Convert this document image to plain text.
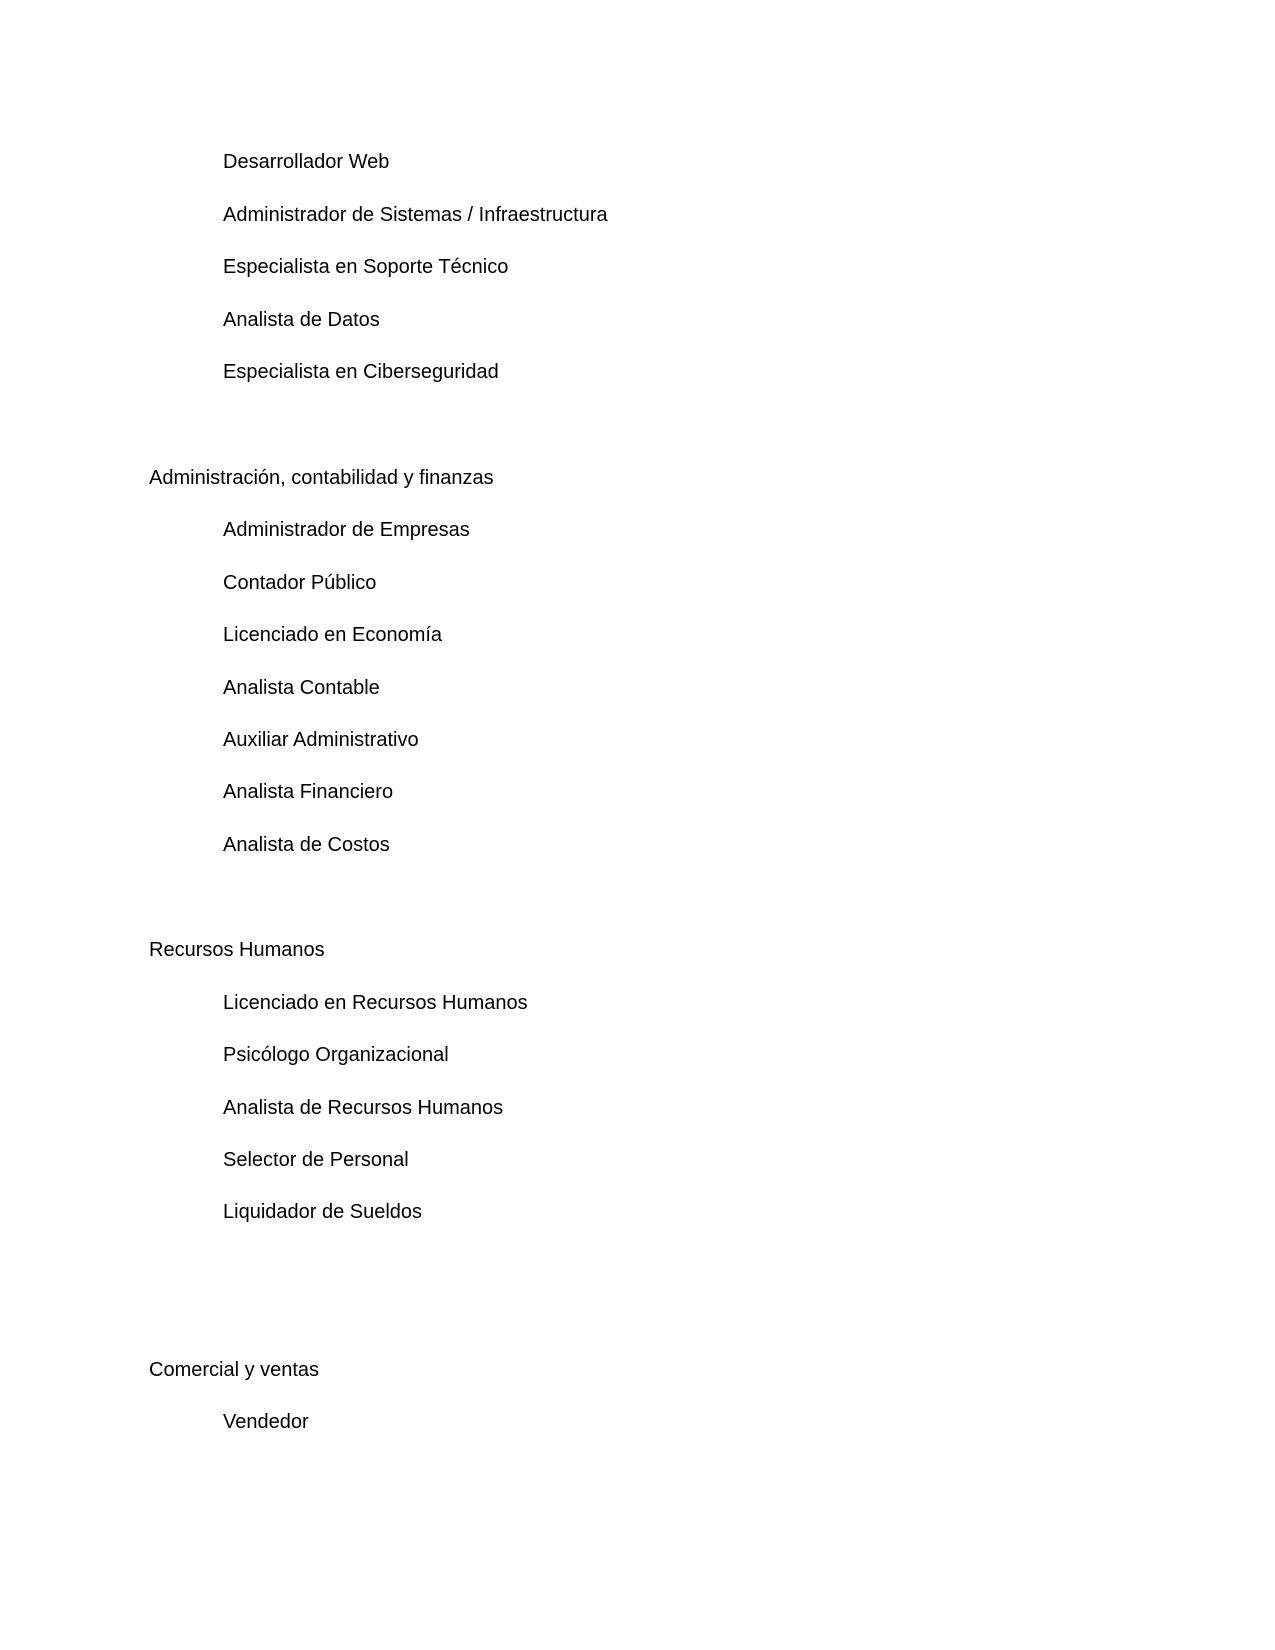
Desarrollador Web
Administrador de Sistemas / Infraestructura
Especialista en Soporte Técnico
Analista de Datos
Especialista en Ciberseguridad
Administración, contabilidad y finanzas
Administrador de Empresas
Contador Público
Licenciado en Economía
Analista Contable
Auxiliar Administrativo
Analista Financiero
Analista de Costos
Recursos Humanos
Licenciado en Recursos Humanos
Psicólogo Organizacional
Analista de Recursos Humanos
Selector de Personal
Liquidador de Sueldos
Comercial y ventas
Vendedor
